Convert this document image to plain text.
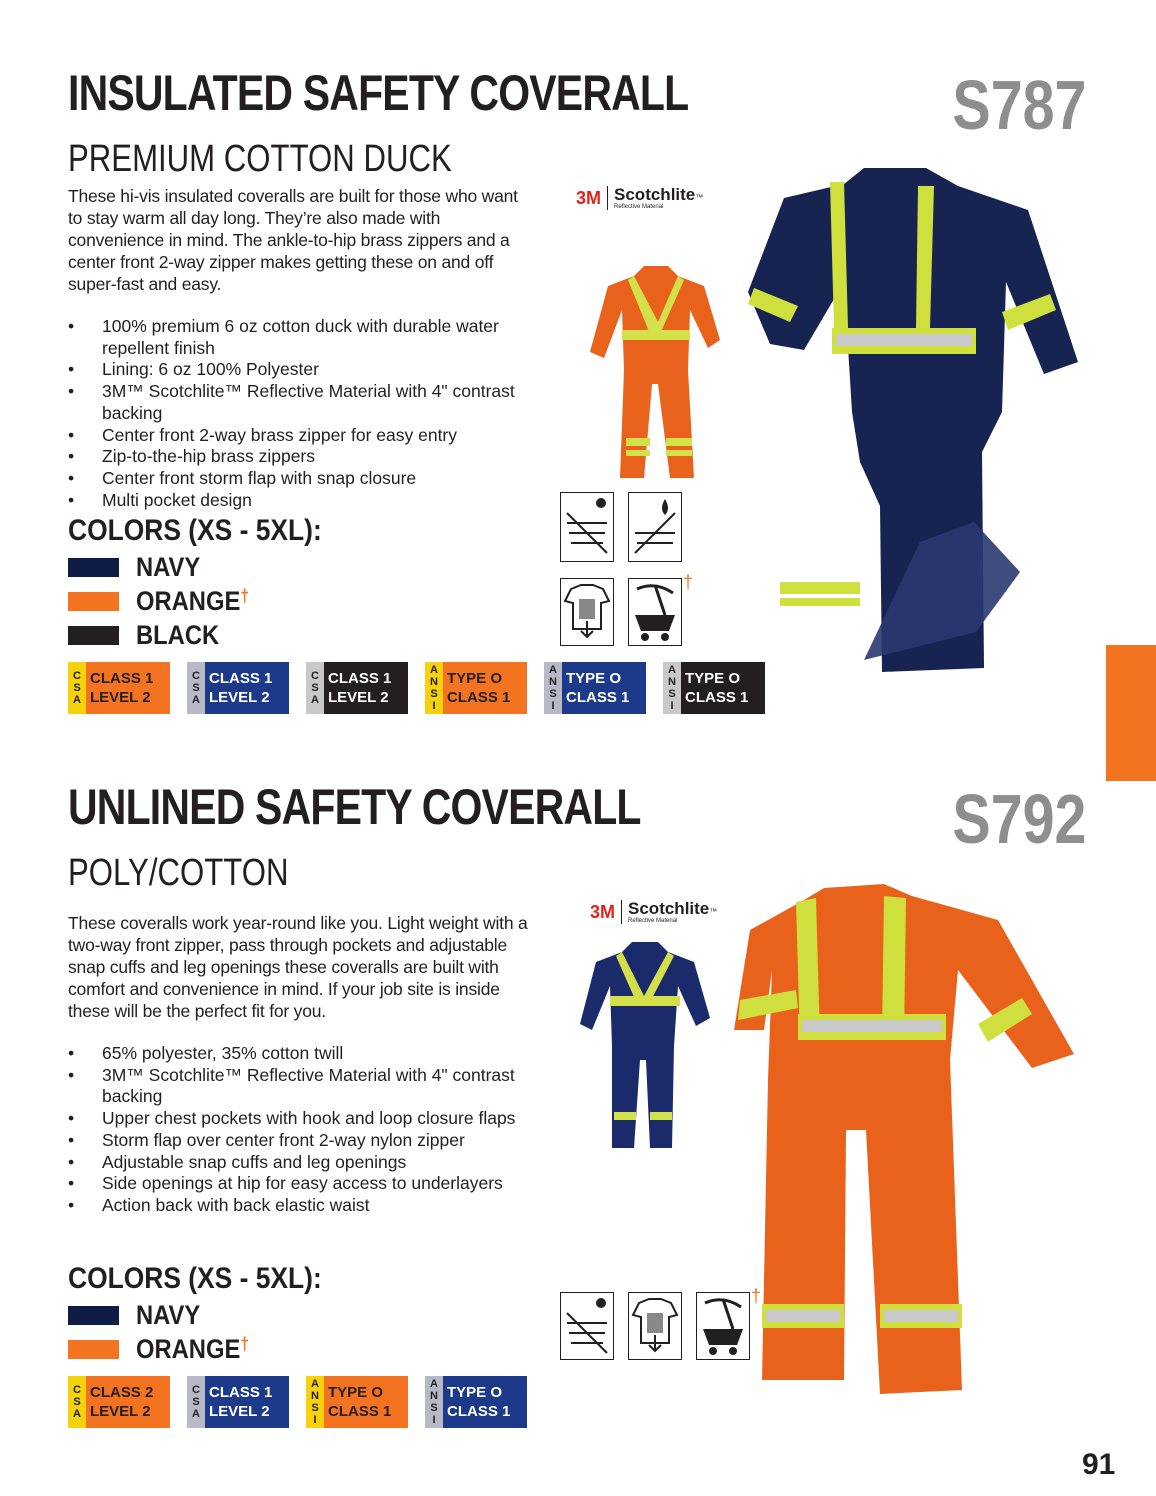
INSULATED SAFETY COVERALL	S787
PREMIUM COTTON DUCK
These hi-vis insulated coveralls are built for those who want to stay warm all day long. They’re also made with convenience in mind. The ankle-to-hip brass zippers and a center front 2-way zipper makes getting these on and off super-fast and easy.
• 100% premium 6 oz cotton duck with durable water repellent finish
• Lining: 6 oz 100% Polyester
• 3M™ Scotchlite™ Reflective Material with 4" contrast backing
• Center front 2-way brass zipper for easy entry
• Zip-to-the-hip brass zippers
• Center front storm flap with snap closure
• Multi pocket design
COLORS (XS - 5XL):
NAVY
ORANGE†
BLACK
C
S
A
CLASS 1
LEVEL 2
C
S
A
CLASS 1
LEVEL 2
C
S
A
CLASS 1
LEVEL 2
A
N
S
I
TYPE O
CLASS 1
A
N
S
I
TYPE O
CLASS 1
A
N
S
I
TYPE O
CLASS 1
3M Scotchlite™
Reflective Material
†
UNLINED SAFETY COVERALL	S792
POLY/COTTON
These coveralls work year-round like you. Light weight with a two-way front zipper, pass through pockets and adjustable snap cuffs and leg openings these coveralls are built with comfort and convenience in mind. If your job site is inside these will be the perfect fit for you.
• 65% polyester, 35% cotton twill
• 3M™ Scotchlite™ Reflective Material with 4" contrast backing
• Upper chest pockets with hook and loop closure flaps
• Storm flap over center front 2-way nylon zipper
• Adjustable snap cuffs and leg openings
• Side openings at hip for easy access to underlayers
• Action back with back elastic waist
COLORS (XS - 5XL):
NAVY
ORANGE†
C
S
A
CLASS 2
LEVEL 2
C
S
A
CLASS 1
LEVEL 2
A
N
S
I
TYPE O
CLASS 1
A
N
S
I
TYPE O
CLASS 1
3M Scotchlite™
Reflective Material
†
91
